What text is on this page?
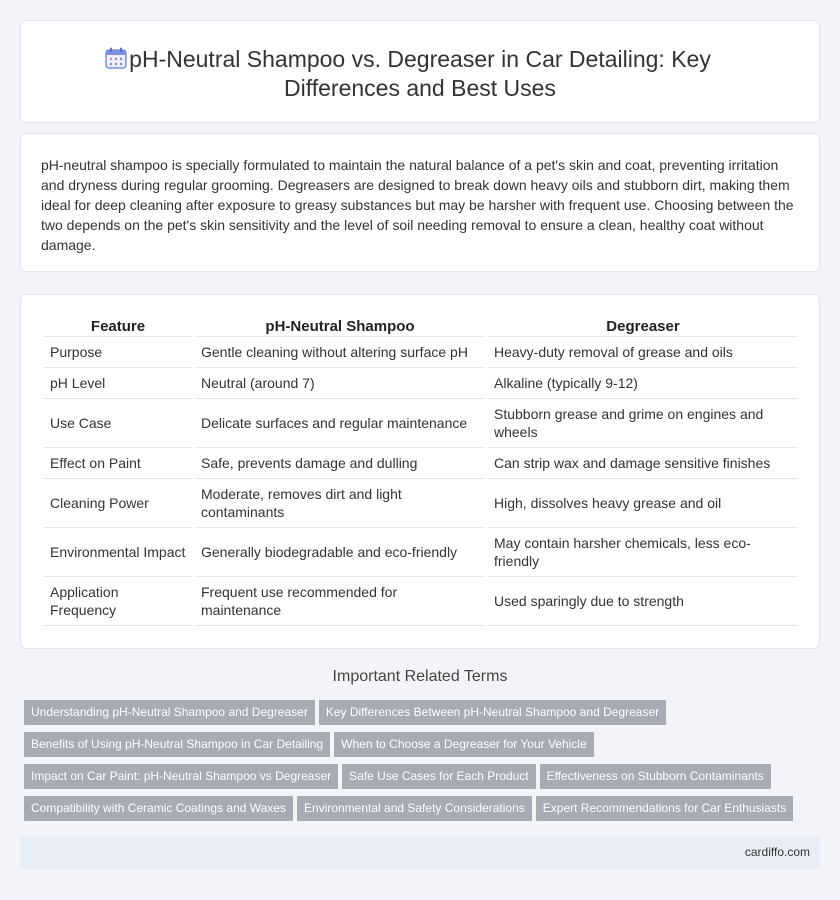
pH-Neutral Shampoo vs. Degreaser in Car Detailing: Key Differences and Best Uses

pH-neutral shampoo is specially formulated to maintain the natural balance of a pet's skin and coat, preventing irritation and dryness during regular grooming. Degreasers are designed to break down heavy oils and stubborn dirt, making them ideal for deep cleaning after exposure to greasy substances but may be harsher with frequent use. Choosing between the two depends on the pet's skin sensitivity and the level of soil needing removal to ensure a clean, healthy coat without damage.

Feature	pH-Neutral Shampoo	Degreaser
Purpose	Gentle cleaning without altering surface pH	Heavy-duty removal of grease and oils
pH Level	Neutral (around 7)	Alkaline (typically 9-12)
Use Case	Delicate surfaces and regular maintenance	Stubborn grease and grime on engines and wheels
Effect on Paint	Safe, prevents damage and dulling	Can strip wax and damage sensitive finishes
Cleaning Power	Moderate, removes dirt and light contaminants	High, dissolves heavy grease and oil
Environmental Impact	Generally biodegradable and eco-friendly	May contain harsher chemicals, less eco-friendly
Application Frequency	Frequent use recommended for maintenance	Used sparingly due to strength
Important Related Terms
Understanding pH-Neutral Shampoo and Degreaser Key Differences Between pH-Neutral Shampoo and Degreaser
Benefits of Using pH-Neutral Shampoo in Car Detailing When to Choose a Degreaser for Your Vehicle
Impact on Car Paint: pH-Neutral Shampoo vs Degreaser Safe Use Cases for Each Product Effectiveness on Stubborn Contaminants
Compatibility with Ceramic Coatings and Waxes Environmental and Safety Considerations Expert Recommendations for Car Enthusiasts
cardiffo.com
